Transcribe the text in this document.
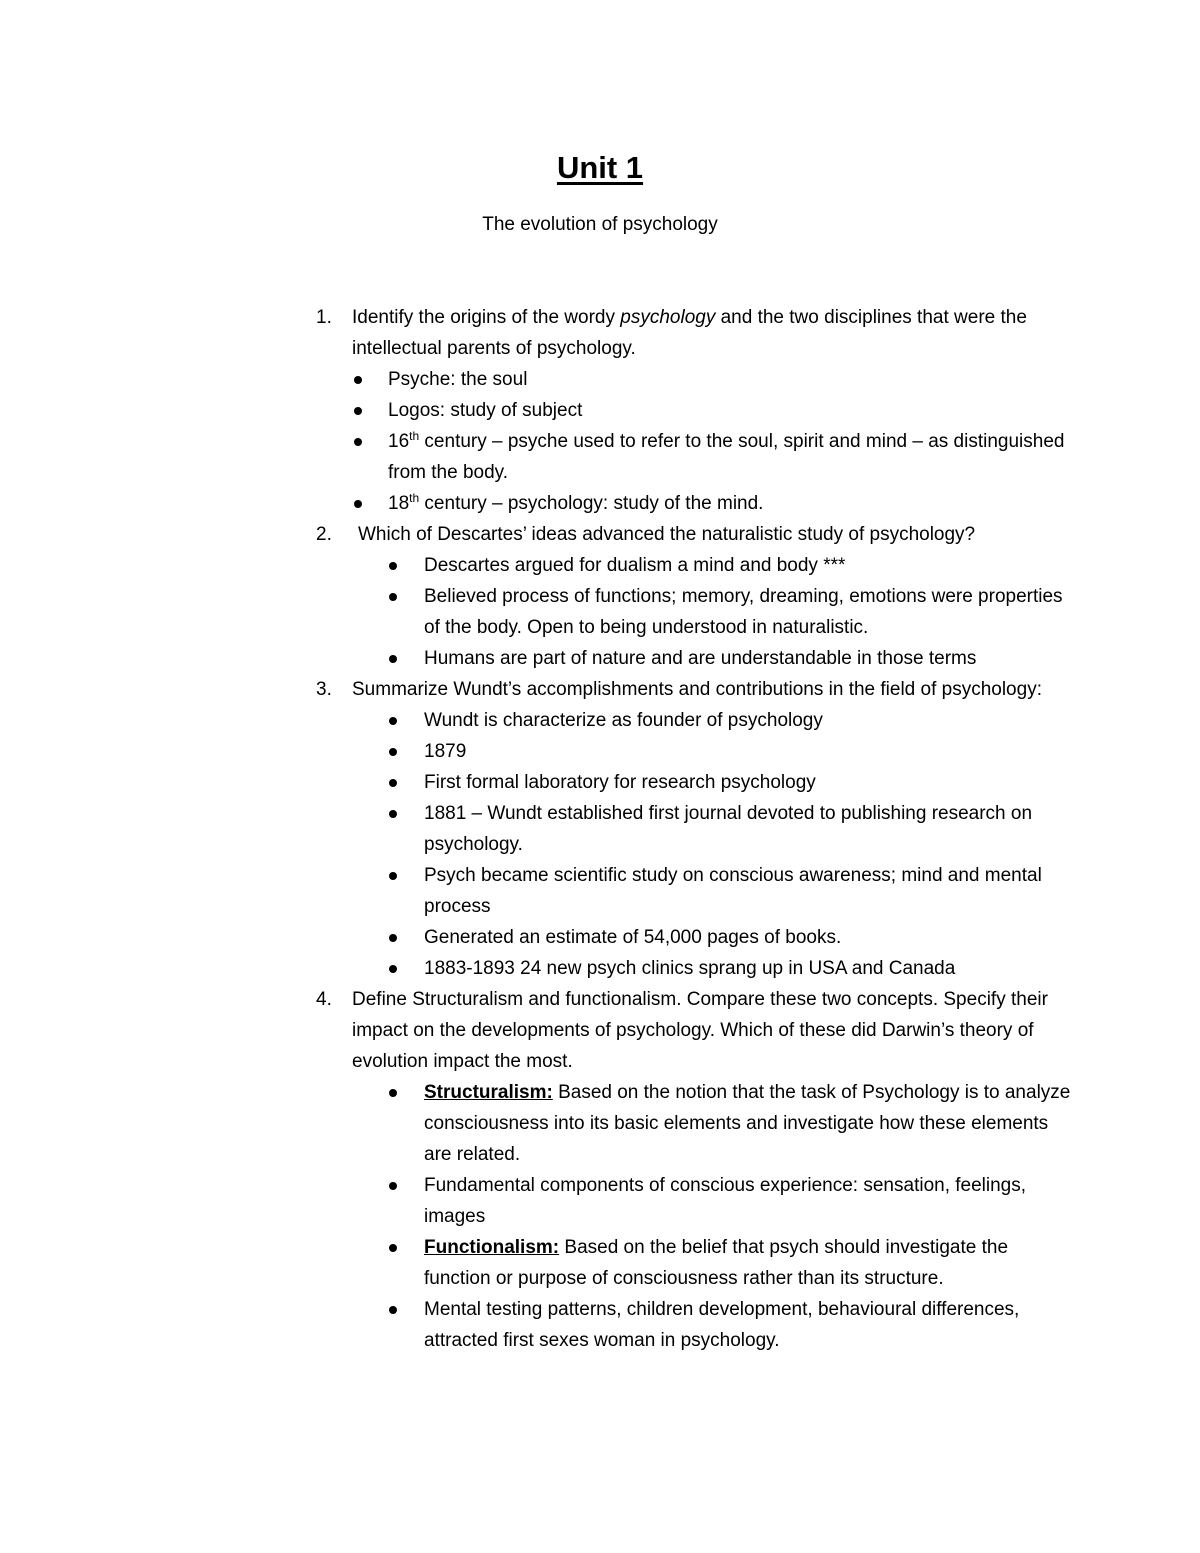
Unit 1
The evolution of psychology
1. Identify the origins of the wordy psychology and the two disciplines that were the intellectual parents of psychology.
Psyche: the soul
Logos: study of subject
16th century – psyche used to refer to the soul, spirit and mind – as distinguished from the body.
18th century – psychology: study of the mind.
2. Which of Descartes’ ideas advanced the naturalistic study of psychology?
Descartes argued for dualism a mind and body ***
Believed process of functions; memory, dreaming, emotions were properties of the body. Open to being understood in naturalistic.
Humans are part of nature and are understandable in those terms
3. Summarize Wundt’s accomplishments and contributions in the field of psychology:
Wundt is characterize as founder of psychology
1879
First formal laboratory for research psychology
1881 – Wundt established first journal devoted to publishing research on psychology.
Psych became scientific study on conscious awareness; mind and mental process
Generated an estimate of 54,000 pages of books.
1883-1893 24 new psych clinics sprang up in USA and Canada
4. Define Structuralism and functionalism. Compare these two concepts. Specify their impact on the developments of psychology. Which of these did Darwin’s theory of evolution impact the most.
Structuralism: Based on the notion that the task of Psychology is to analyze consciousness into its basic elements and investigate how these elements are related.
Fundamental components of conscious experience: sensation, feelings, images
Functionalism: Based on the belief that psych should investigate the function or purpose of consciousness rather than its structure.
Mental testing patterns, children development, behavioural differences, attracted first sexes woman in psychology.
